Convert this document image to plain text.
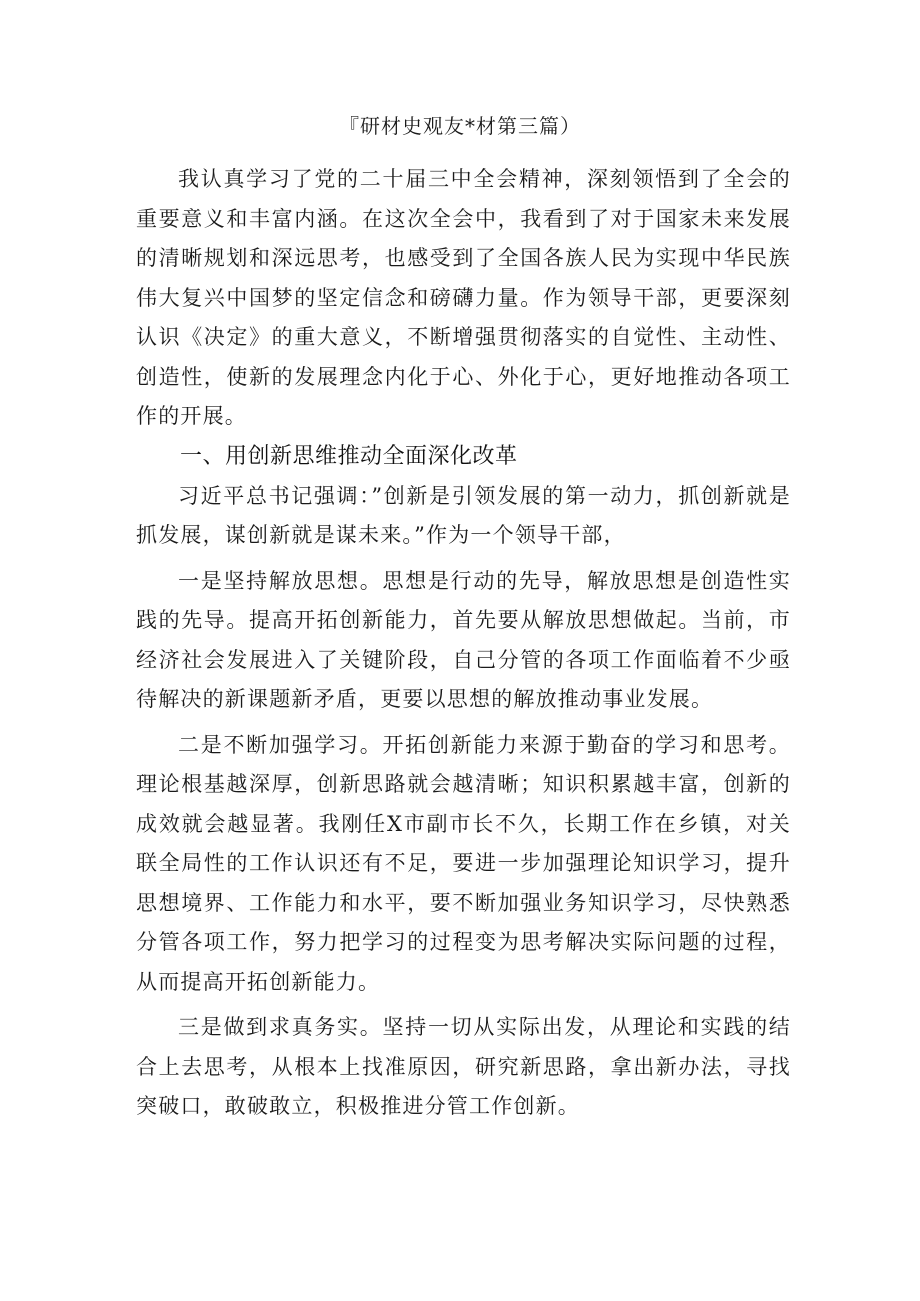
『研材史观友*材第三篇）

我认真学习了党的二十届三中全会精神，深刻领悟到了全会的重要意义和丰富内涵。在这次全会中，我看到了对于国家未来发展的清晰规划和深远思考，也感受到了全国各族人民为实现中华民族伟大复兴中国梦的坚定信念和磅礴力量。作为领导干部，更要深刻认识《决定》的重大意义，不断增强贯彻落实的自觉性、主动性、创造性，使新的发展理念内化于心、外化于心，更好地推动各项工作的开展。

一、用创新思维推动全面深化改革

习近平总书记强调：”创新是引领发展的第一动力，抓创新就是抓发展，谋创新就是谋未来。”作为一个领导干部，

一是坚持解放思想。思想是行动的先导，解放思想是创造性实践的先导。提高开拓创新能力，首先要从解放思想做起。当前，市经济社会发展进入了关键阶段，自己分管的各项工作面临着不少亟待解决的新课题新矛盾，更要以思想的解放推动事业发展。

二是不断加强学习。开拓创新能力来源于勤奋的学习和思考。理论根基越深厚，创新思路就会越清晰；知识积累越丰富，创新的成效就会越显著。我刚任X市副市长不久，长期工作在乡镇，对关联全局性的工作认识还有不足，要进一步加强理论知识学习，提升思想境界、工作能力和水平，要不断加强业务知识学习，尽快熟悉分管各项工作，努力把学习的过程变为思考解决实际问题的过程，从而提高开拓创新能力。

三是做到求真务实。坚持一切从实际出发，从理论和实践的结合上去思考，从根本上找准原因，研究新思路，拿出新办法，寻找突破口，敢破敢立，积极推进分管工作创新。
